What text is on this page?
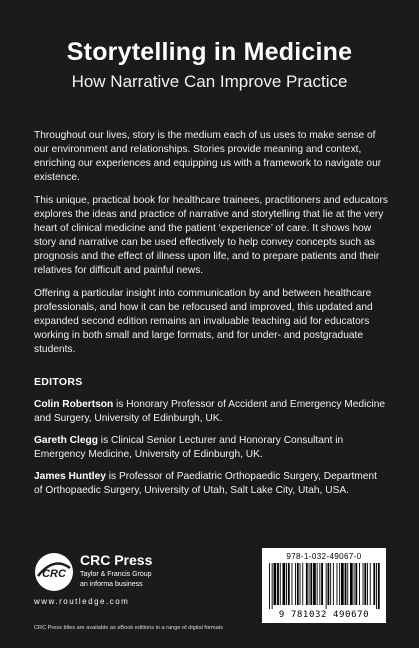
Storytelling in Medicine
How Narrative Can Improve Practice

Throughout our lives, story is the medium each of us uses to make sense of our environment and relationships. Stories provide meaning and context, enriching our experiences and equipping us with a framework to navigate our existence.

This unique, practical book for healthcare trainees, practitioners and educators explores the ideas and practice of narrative and storytelling that lie at the very heart of clinical medicine and the patient ‘experience’ of care. It shows how story and narrative can be used effectively to help convey concepts such as prognosis and the effect of illness upon life, and to prepare patients and their relatives for difficult and painful news.

Offering a particular insight into communication by and between healthcare professionals, and how it can be refocused and improved, this updated and expanded second edition remains an invaluable teaching aid for educators working in both small and large formats, and for under- and postgraduate students.

EDITORS
Colin Robertson is Honorary Professor of Accident and Emergency Medicine and Surgery, University of Edinburgh, UK.
Gareth Clegg is Clinical Senior Lecturer and Honorary Consultant in Emergency Medicine, University of Edinburgh, UK.
James Huntley is Professor of Paediatric Orthopaedic Surgery, Department of Orthopaedic Surgery, University of Utah, Salt Lake City, Utah, USA.
CRC
CRC Press
Taylor & Francis Group
an informa business
www.routledge.com
CRC Press titles are available as eBook editions in a range of digital formats
978-1-032-49067-0
9 781032 490670
